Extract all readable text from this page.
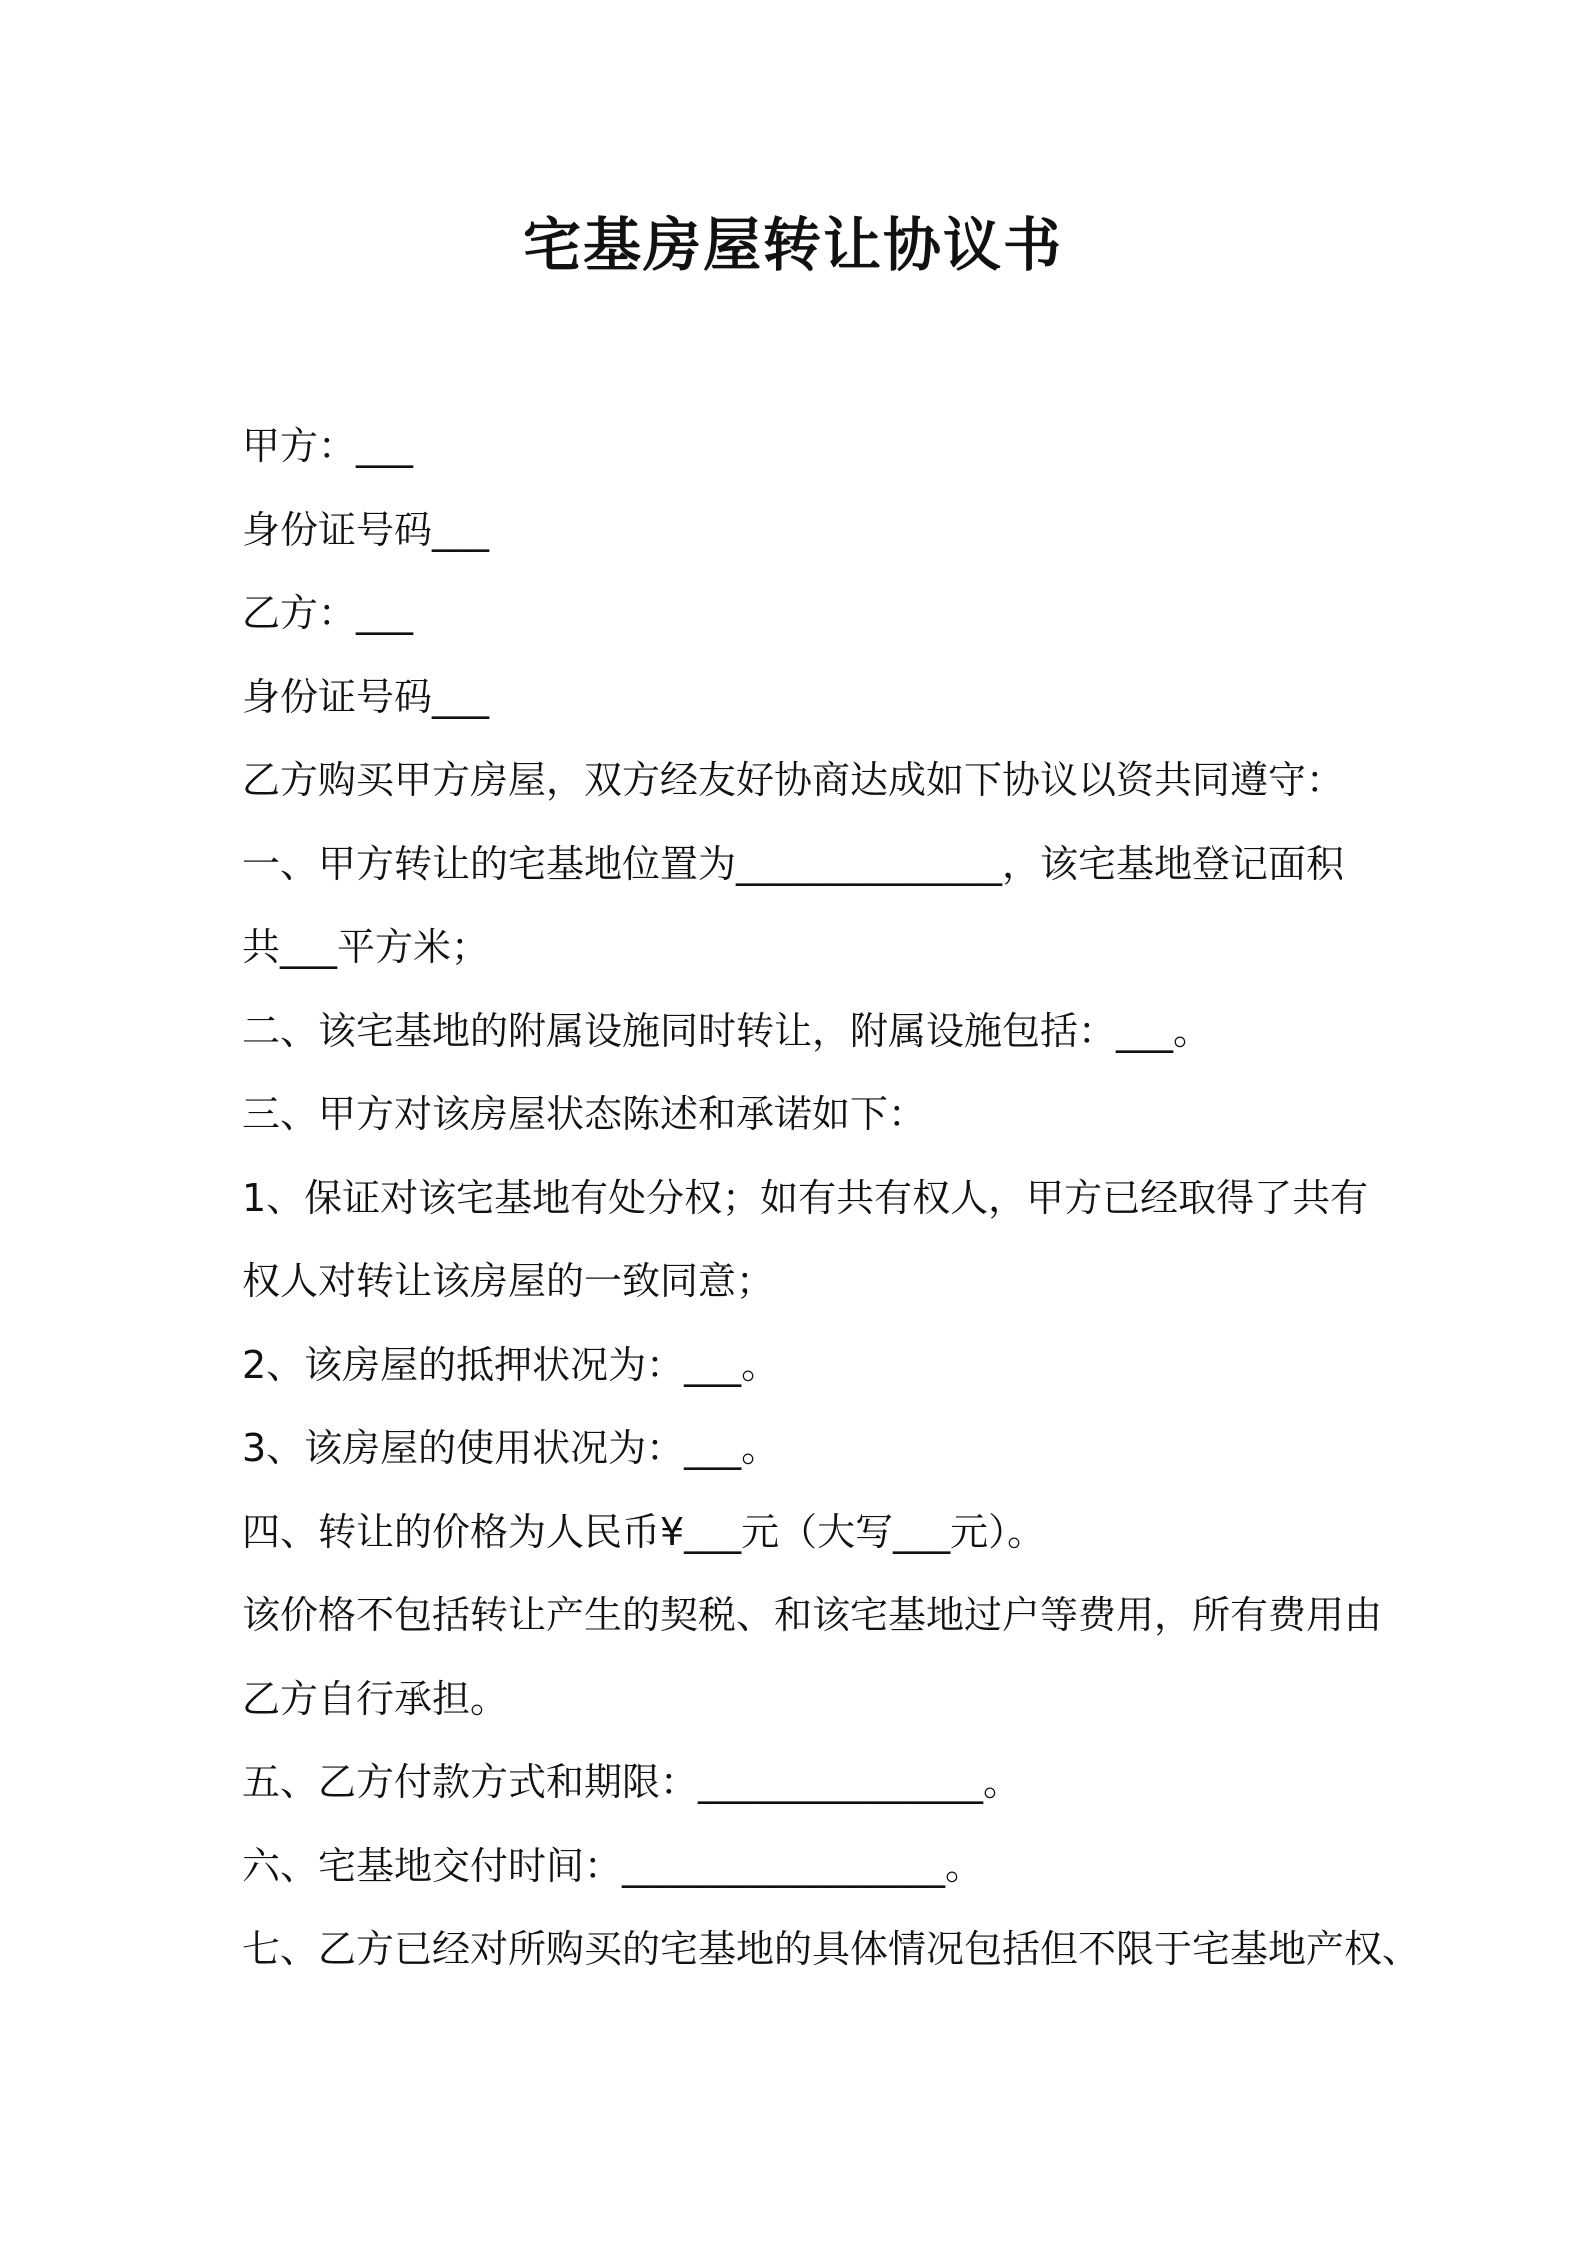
宅基房屋转让协议书

甲方：___

身份证号码___

乙方：___

身份证号码___

乙方购买甲方房屋，双方经友好协商达成如下协议以资共同遵守：

一、甲方转让的宅基地位置为______________，该宅基地登记面积

共___平方米；

二、该宅基地的附属设施同时转让，附属设施包括：___。

三、甲方对该房屋状态陈述和承诺如下：

1、保证对该宅基地有处分权；如有共有权人，甲方已经取得了共有

权人对转让该房屋的一致同意；

2、该房屋的抵押状况为：___。

3、该房屋的使用状况为：___。

四、转让的价格为人民币¥___元（大写___元）。

该价格不包括转让产生的契税、和该宅基地过户等费用，所有费用由

乙方自行承担。

五、乙方付款方式和期限：_______________。

六、宅基地交付时间：_________________。

七、乙方已经对所购买的宅基地的具体情况包括但不限于宅基地产权、
